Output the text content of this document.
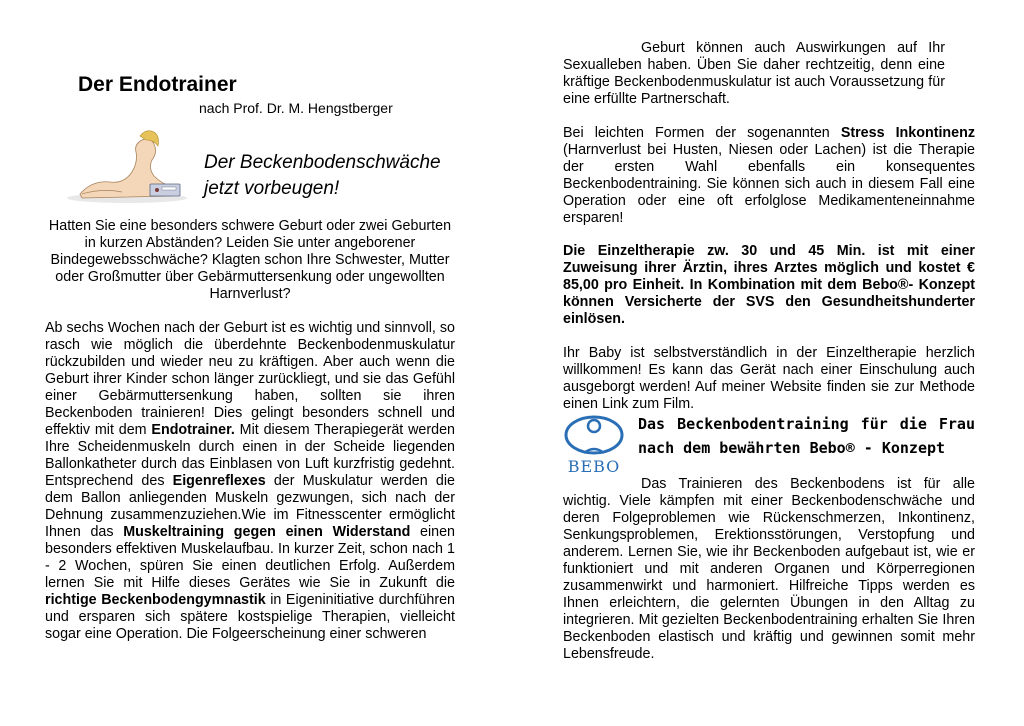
Der Endotrainer
nach Prof. Dr. M. Hengstberger
Der Beckenbodenschwäche
jetzt vorbeugen!
Hatten Sie eine besonders schwere Geburt oder zwei Geburten in kurzen Abständen? Leiden Sie unter angeborener Bindegewebsschwäche? Klagten schon Ihre Schwester, Mutter oder Großmutter über Gebärmuttersenkung oder ungewollten Harnverlust?
Ab sechs Wochen nach der Geburt ist es wichtig und sinnvoll, so rasch wie möglich die überdehnte Beckenbodenmuskulatur rückzubilden und wieder neu zu kräftigen. Aber auch wenn die Geburt ihrer Kinder schon länger zurückliegt, und sie das Gefühl einer Gebärmuttersenkung haben, sollten sie ihren Beckenboden trainieren! Dies gelingt besonders schnell und effektiv mit dem Endotrainer. Mit diesem Therapiegerät werden Ihre Scheidenmuskeln durch einen in der Scheide liegenden Ballonkatheter durch das Einblasen von Luft kurzfristig gedehnt. Entsprechend des Eigenreflexes der Muskulatur werden die dem Ballon anliegenden Muskeln gezwungen, sich nach der Dehnung zusammenzuziehen.Wie im Fitnesscenter ermöglicht Ihnen das Muskeltraining gegen einen Widerstand einen besonders effektiven Muskelaufbau. In kurzer Zeit, schon nach 1 - 2 Wochen, spüren Sie einen deutlichen Erfolg. Außerdem lernen Sie mit Hilfe dieses Gerätes wie Sie in Zukunft die richtige Beckenbodengymnastik in Eigeninitiative durchführen und ersparen sich spätere kostspielige Therapien, vielleicht sogar eine Operation. Die Folgeerscheinung einer schweren
Geburt können auch Auswirkungen auf Ihr Sexualleben haben. Üben Sie daher rechtzeitig, denn eine kräftige Beckenbodenmuskulatur ist auch Voraussetzung für eine erfüllte Partnerschaft.
Bei leichten Formen der sogenannten Stress Inkontinenz (Harnverlust bei Husten, Niesen oder Lachen) ist die Therapie der ersten Wahl ebenfalls ein konsequentes Beckenbodentraining. Sie können sich auch in diesem Fall eine Operation oder eine oft erfolglose Medikamenteneinnahme ersparen!
Die Einzeltherapie zw. 30 und 45 Min. ist mit einer Zuweisung ihrer Ärztin, ihres Arztes möglich und kostet € 85,00 pro Einheit. In Kombination mit dem Bebo®- Konzept können Versicherte der SVS den Gesundheitshunderter einlösen.
Ihr Baby ist selbstverständlich in der Einzeltherapie herzlich willkommen! Es kann das Gerät nach einer Einschulung auch ausgeborgt werden! Auf meiner Website finden sie zur Methode einen Link zum Film.
BEBO
Das Beckenbodentraining für die Frau nach dem bewährten Bebo® - Konzept
Das Trainieren des Beckenbodens ist für alle wichtig. Viele kämpfen mit einer Beckenbodenschwäche und deren Folgeproblemen wie Rückenschmerzen, Inkontinenz, Senkungsproblemen, Erektionsstörungen, Verstopfung und anderem. Lernen Sie, wie ihr Beckenboden aufgebaut ist, wie er funktioniert und mit anderen Organen und Körperregionen zusammenwirkt und harmoniert. Hilfreiche Tipps werden es Ihnen erleichtern, die gelernten Übungen in den Alltag zu integrieren. Mit gezielten Beckenbodentraining erhalten Sie Ihren Beckenboden elastisch und kräftig und gewinnen somit mehr Lebensfreude.
